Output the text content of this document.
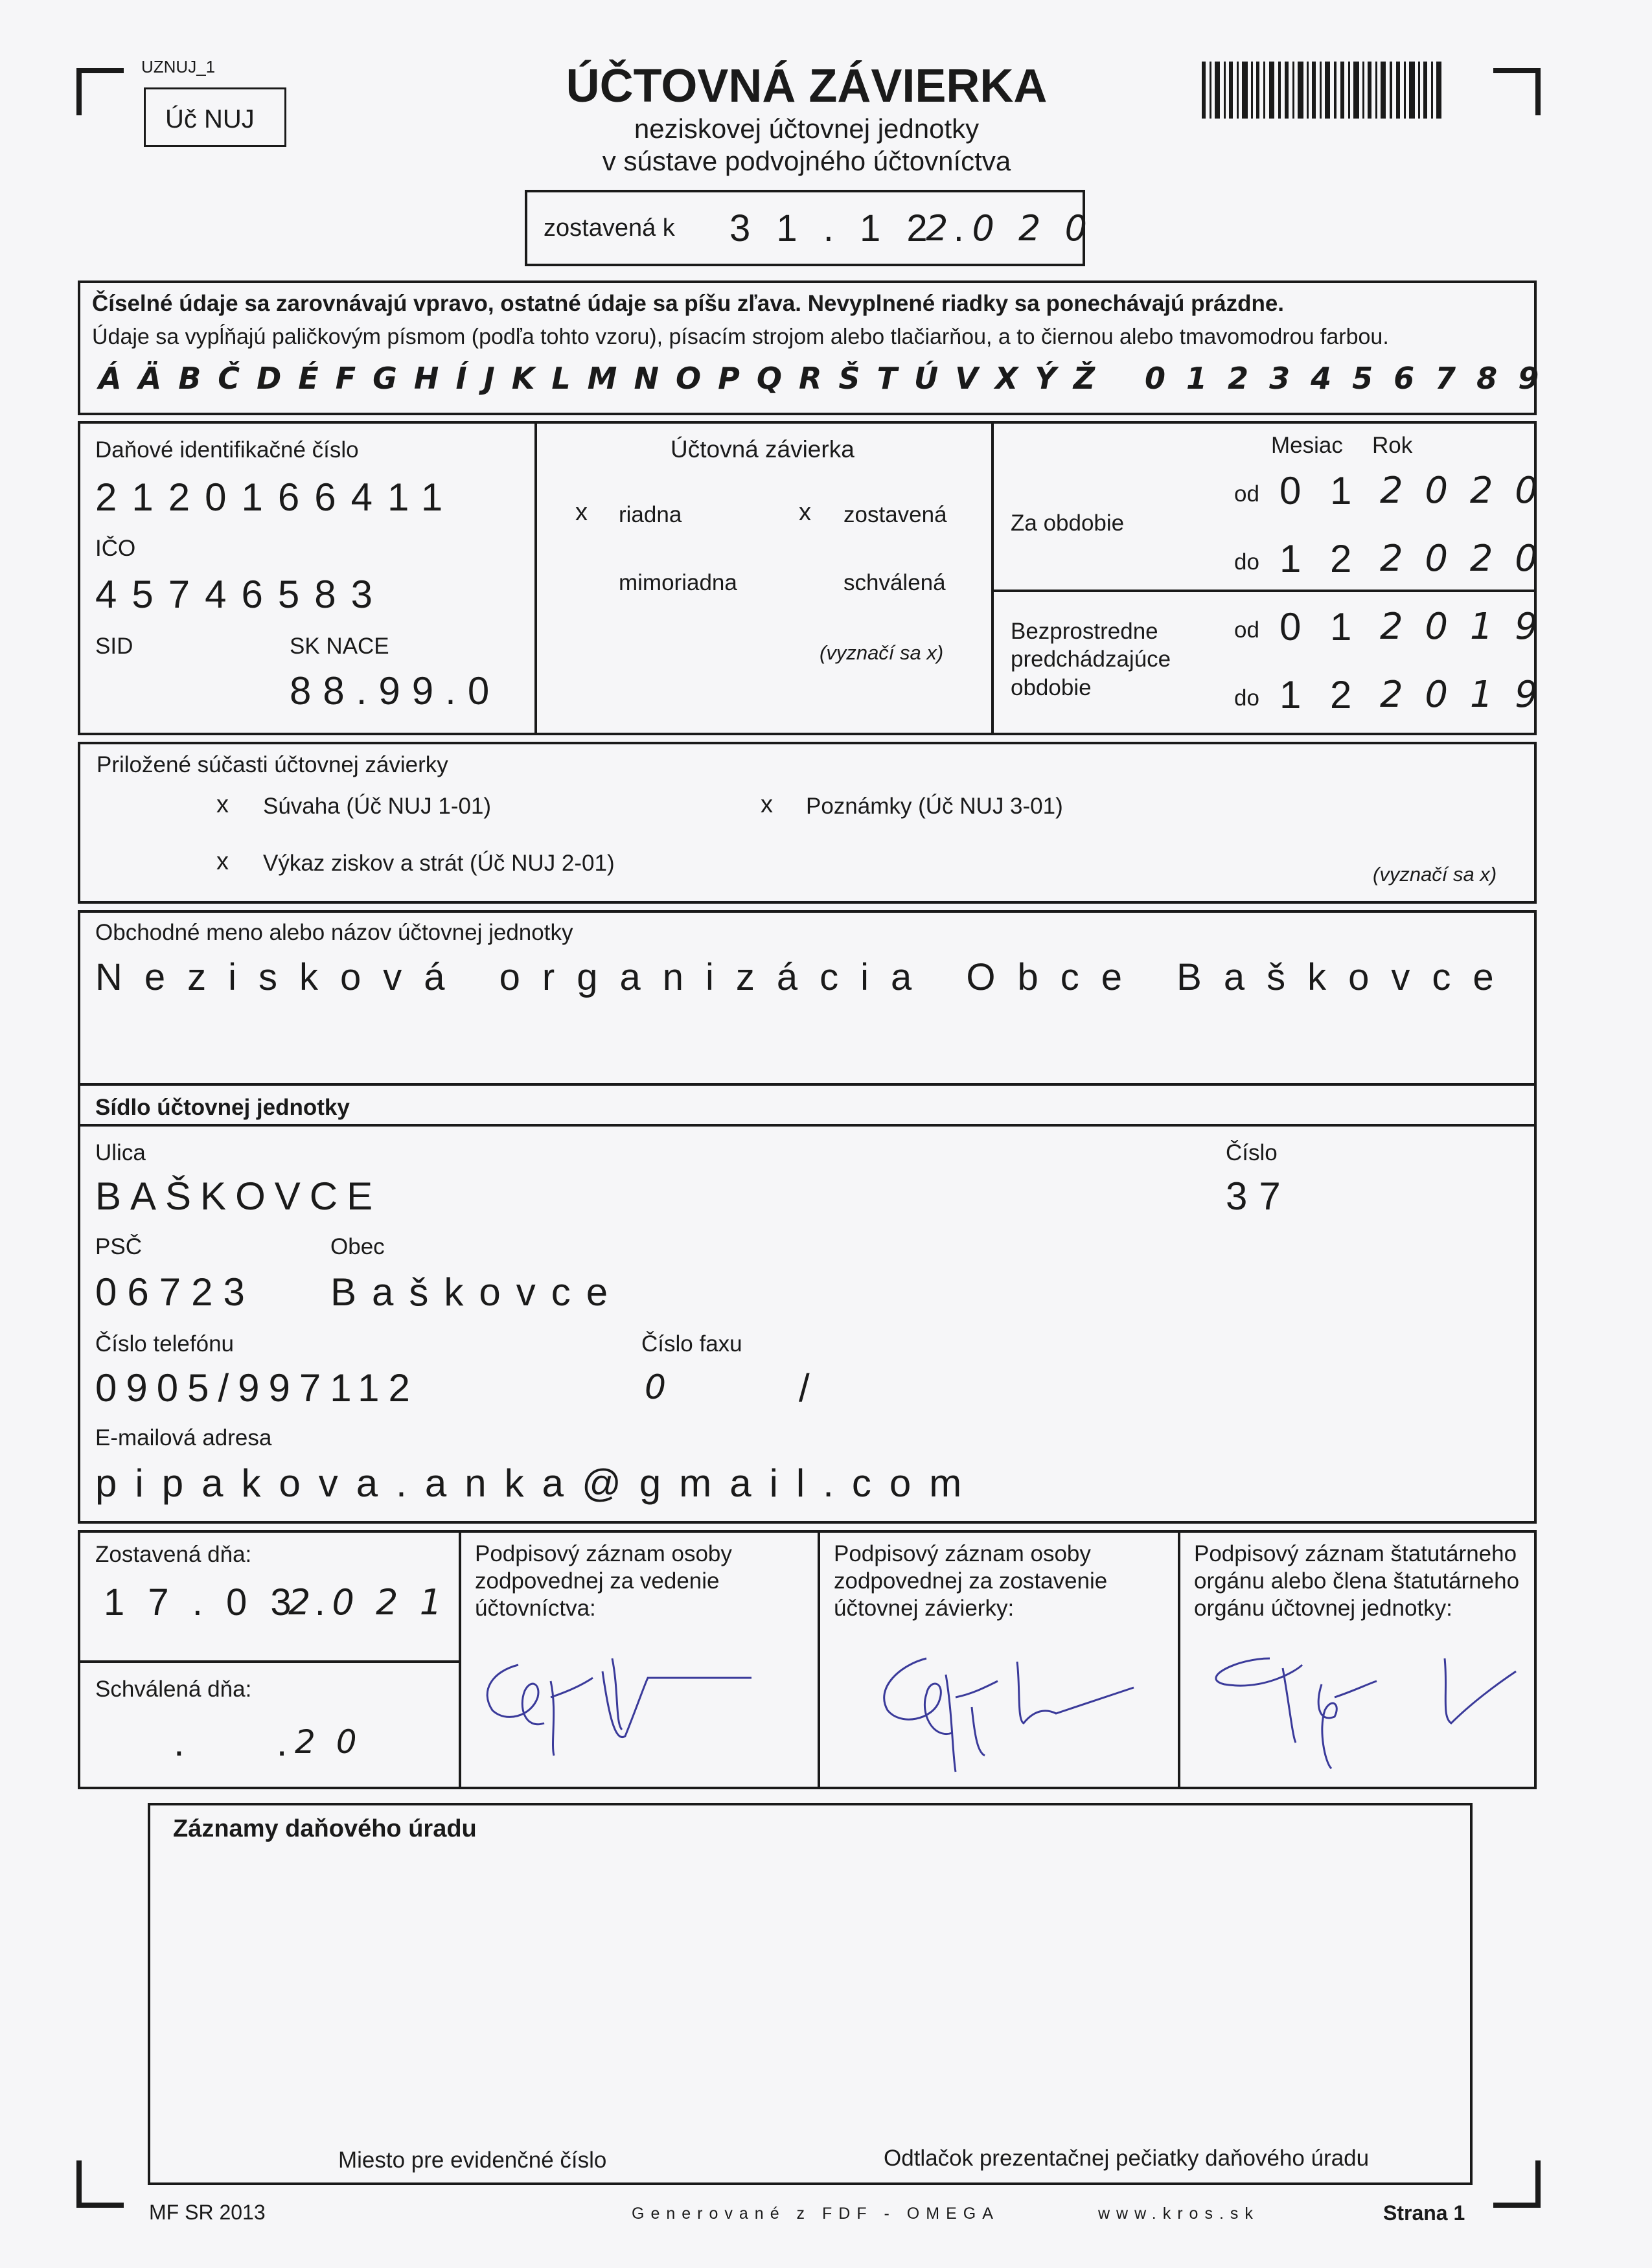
UZNUJ_1
Úč NUJ
ÚČTOVNÁ ZÁVIERKA
neziskovej účtovnej jednotky
v sústave podvojného účtovníctva
zostavená k 3 1 . 1 2 .
2 0 2 0
Číselné údaje sa zarovnávajú vpravo, ostatné údaje sa píšu zľava. Nevyplnené riadky sa ponechávajú prázdne.
Údaje sa vypĺňajú paličkovým písmom (podľa tohto vzoru), písacím strojom alebo tlačiarňou, a to čiernou alebo tmavomodrou farbou.
Á Ä B Č D É F G H Í J K L M N O P Q R Š T Ú V X Ý Ž 0 1 2 3 4 5 6 7 8 9
Daňové identifikačné číslo
2120166411
IČO
45746583
SID	SK NACE
88.99.0
Účtovná závierka
x riadna	x zostavená
mimoriadna	schválená
(vyznačí sa x)
Mesiac Rok
Za obdobie
od 0 1 2 0 2 0
do 1 2 2 0 2 0
Bezprostredne
predchádzajúce
obdobie
od 0 1 2 0 1 9
do 1 2 2 0 1 9
Priložené súčasti účtovnej závierky
x Súvaha (Úč NUJ 1-01)
x Výkaz ziskov a strát (Úč NUJ 2-01)
x Poznámky (Úč NUJ 3-01)
(vyznačí sa x)
Obchodné meno alebo názov účtovnej jednotky
Nezisková organizácia Obce Baškovce
Sídlo účtovnej jednotky
Ulica
BAŠKOVCE
Číslo
37
PSČ
06723
Obec
Baškovce
Číslo telefónu
0905/997112
Číslo faxu
0	/
E-mailová adresa
pipakova.anka@gmail.com
Zostavená dňa:
1 7 . 0 3 .
2 0 2 1
Schválená dňa:
.      . 2 0
Podpisový záznam osoby zodpovednej za vedenie účtovníctva:
Podpisový záznam osoby zodpovednej za zostavenie účtovnej závierky:
Podpisový záznam štatutárneho orgánu alebo člena štatutárneho orgánu účtovnej jednotky:
Záznamy daňového úradu
Miesto pre evidenčné číslo	Odtlačok prezentačnej pečiatky daňového úradu
MF SR 2013	Generované z FDF - OMEGA	www.kros.sk	Strana 1
